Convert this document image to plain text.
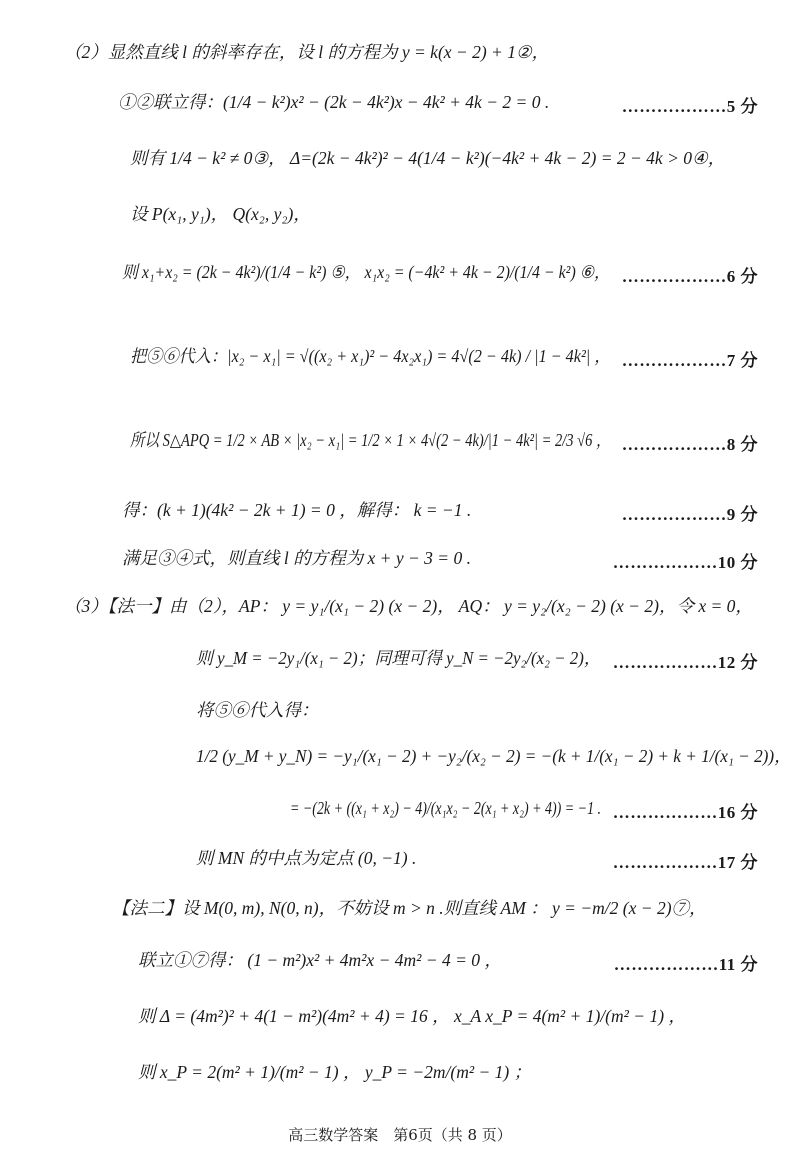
（2）显然直线 l 的斜率存在，设 l 的方程为 y = k(x − 2) + 1②，
①②联立得：(1/4 − k²)x² − (2k − 4k²)x − 4k² + 4k − 2 = 0 .	………………5 分
则有 1/4 − k² ≠ 0③， Δ=(2k − 4k²)² − 4(1/4 − k²)(−4k² + 4k − 2) = 2 − 4k > 0④，
设 P(x₁, y₁)， Q(x₂, y₂)，
则 x₁+x₂ = (2k − 4k²)/(1/4 − k²) ⑤， x₁x₂ = (−4k² + 4k − 2)/(1/4 − k²) ⑥， ………………6 分
把⑤⑥代入：|x₂ − x₁| = √((x₂ + x₁)² − 4x₂x₁) = 4√(2 − 4k) / |1 − 4k²| ， ………………7 分
所以 S△APQ = 1/2 × AB × |x₂ − x₁| = 1/2 × 1 × 4√(2 − 4k)/|1 − 4k²| = 2/3 √6 ， ………………8 分
得：(k + 1)(4k² − 2k + 1) = 0 ，解得： k = −1 .	………………9 分
满足③④式，则直线 l 的方程为 x + y − 3 = 0 .	………………10 分
（3）【法一】由（2），AP： y = y₁/(x₁ − 2) (x − 2)， AQ： y = y₂/(x₂ − 2) (x − 2)，令 x = 0，
则 y_M = −2y₁/(x₁ − 2)；同理可得 y_N = −2y₂/(x₂ − 2)， ………………12 分
将⑤⑥代入得：
1/2 (y_M + y_N) = −y₁/(x₁ − 2) + −y₂/(x₂ − 2) = −(k + 1/(x₁ − 2) + k + 1/(x₁ − 2))，
= −(2k + ((x₁ + x₂) − 4)/(x₁x₂ − 2(x₁ + x₂) + 4)) = −1 . ………………16 分
则 MN 的中点为定点 (0, −1) .	………………17 分
【法二】设 M(0, m), N(0, n)，不妨设 m > n .则直线 AM ： y = −m/2 (x − 2)⑦，
联立①⑦得： (1 − m²)x² + 4m²x − 4m² − 4 = 0 ，	………………11 分
则 Δ = (4m²)² + 4(1 − m²)(4m² + 4) = 16 ， x_A x_P = 4(m² + 1)/(m² − 1) ，
则 x_P = 2(m² + 1)/(m² − 1) ， y_P = −2m/(m² − 1) ；
高三数学答案　第6页（共 8 页）
